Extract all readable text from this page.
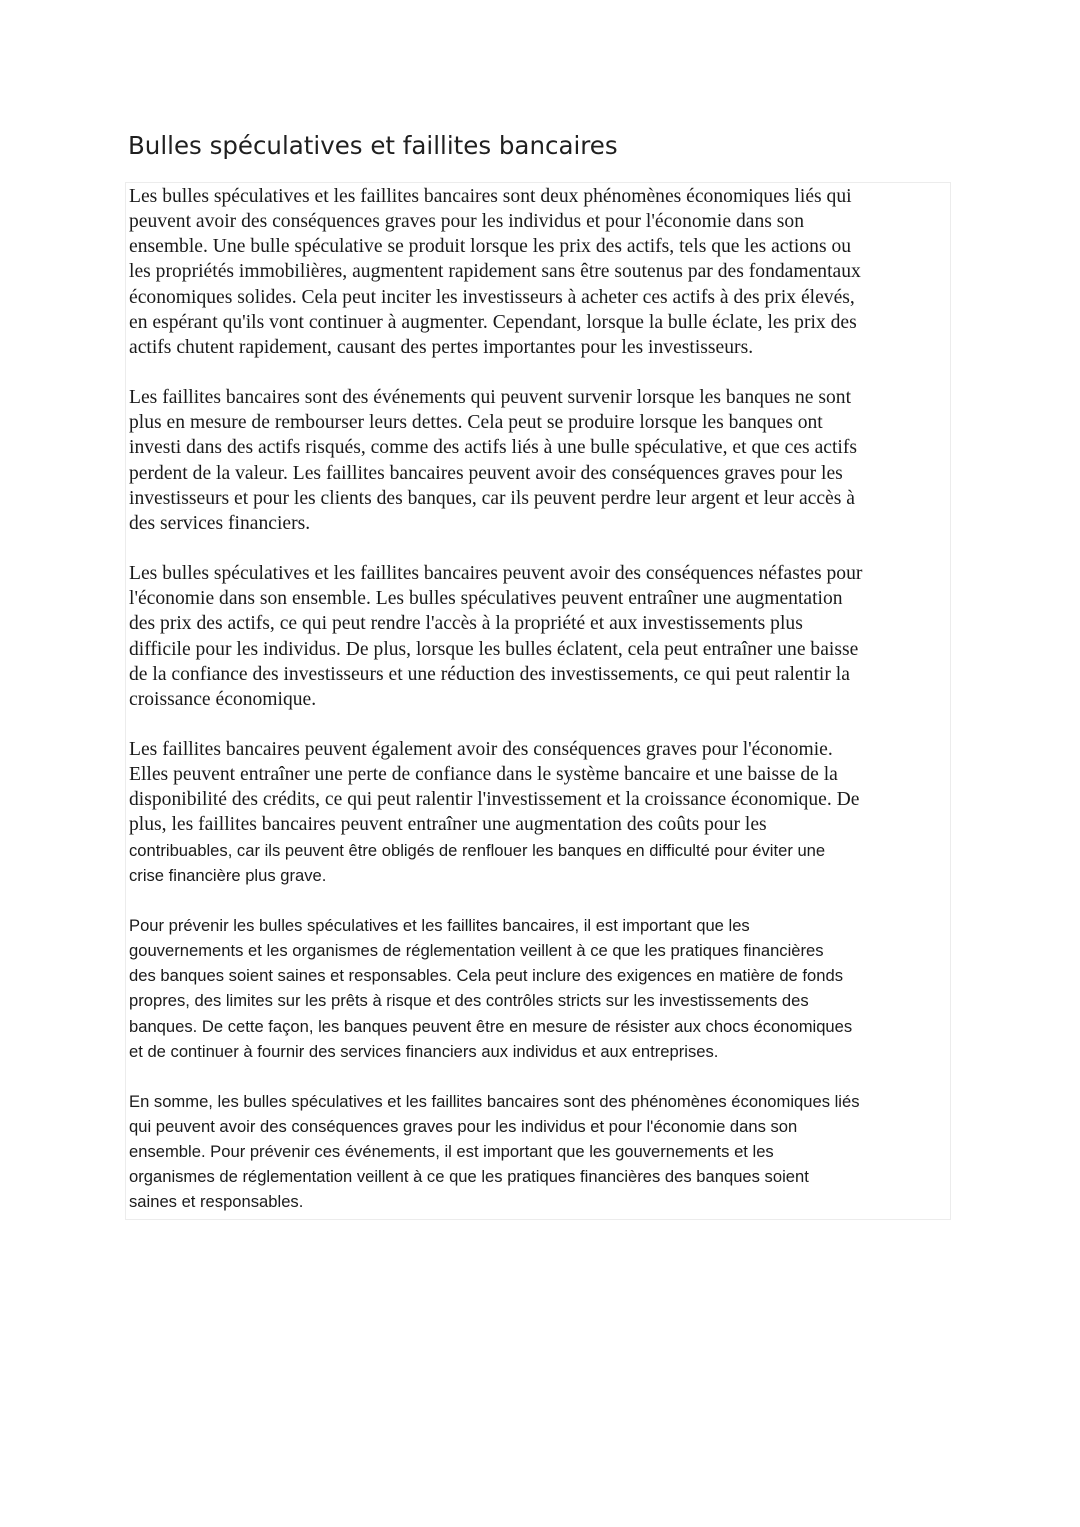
Bulles spéculatives et faillites bancaires

Les bulles spéculatives et les faillites bancaires sont deux phénomènes économiques liés qui
peuvent avoir des conséquences graves pour les individus et pour l'économie dans son
ensemble. Une bulle spéculative se produit lorsque les prix des actifs, tels que les actions ou
les propriétés immobilières, augmentent rapidement sans être soutenus par des fondamentaux
économiques solides. Cela peut inciter les investisseurs à acheter ces actifs à des prix élevés,
en espérant qu'ils vont continuer à augmenter. Cependant, lorsque la bulle éclate, les prix des
actifs chutent rapidement, causant des pertes importantes pour les investisseurs.

Les faillites bancaires sont des événements qui peuvent survenir lorsque les banques ne sont
plus en mesure de rembourser leurs dettes. Cela peut se produire lorsque les banques ont
investi dans des actifs risqués, comme des actifs liés à une bulle spéculative, et que ces actifs
perdent de la valeur. Les faillites bancaires peuvent avoir des conséquences graves pour les
investisseurs et pour les clients des banques, car ils peuvent perdre leur argent et leur accès à
des services financiers.

Les bulles spéculatives et les faillites bancaires peuvent avoir des conséquences néfastes pour
l'économie dans son ensemble. Les bulles spéculatives peuvent entraîner une augmentation
des prix des actifs, ce qui peut rendre l'accès à la propriété et aux investissements plus
difficile pour les individus. De plus, lorsque les bulles éclatent, cela peut entraîner une baisse
de la confiance des investisseurs et une réduction des investissements, ce qui peut ralentir la
croissance économique.

Les faillites bancaires peuvent également avoir des conséquences graves pour l'économie.
Elles peuvent entraîner une perte de confiance dans le système bancaire et une baisse de la
disponibilité des crédits, ce qui peut ralentir l'investissement et la croissance économique. De
plus, les faillites bancaires peuvent entraîner une augmentation des coûts pour les
contribuables, car ils peuvent être obligés de renflouer les banques en difficulté pour éviter une
crise financière plus grave.

Pour prévenir les bulles spéculatives et les faillites bancaires, il est important que les
gouvernements et les organismes de réglementation veillent à ce que les pratiques financières
des banques soient saines et responsables. Cela peut inclure des exigences en matière de fonds
propres, des limites sur les prêts à risque et des contrôles stricts sur les investissements des
banques. De cette façon, les banques peuvent être en mesure de résister aux chocs économiques
et de continuer à fournir des services financiers aux individus et aux entreprises.

En somme, les bulles spéculatives et les faillites bancaires sont des phénomènes économiques liés
qui peuvent avoir des conséquences graves pour les individus et pour l'économie dans son
ensemble. Pour prévenir ces événements, il est important que les gouvernements et les
organismes de réglementation veillent à ce que les pratiques financières des banques soient
saines et responsables.
